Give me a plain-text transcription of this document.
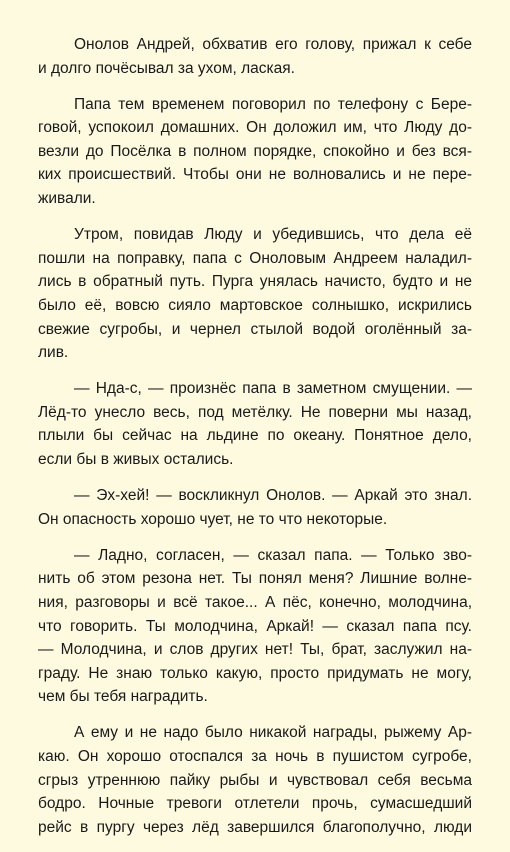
Онолов Андрей, обхватив его голову, прижал к себе
и долго почёсывал за ухом, лаская.
Папа тем временем поговорил по телефону с Бере-
говой, успокоил домашних. Он доложил им, что Люду до-
везли до Посёлка в полном порядке, спокойно и без вся-
ких происшествий. Чтобы они не волновались и не пере-
живали.
Утром, повидав Люду и убедившись, что дела её
пошли на поправку, папа с Оноловым Андреем наладил-
лись в обратный путь. Пурга унялась начисто, будто и не
было её, вовсю сияло мартовское солнышко, искрились
свежие сугробы, и чернел стылой водой оголённый за-
лив.
— Нда-с, — произнёс папа в заметном смущении. —
Лёд-то унесло весь, под метёлку. Не поверни мы назад,
плыли бы сейчас на льдине по океану. Понятное дело,
если бы в живых остались.
— Эх-хей! — воскликнул Онолов. — Аркай это знал.
Он опасность хорошо чует, не то что некоторые.
— Ладно, согласен, — сказал папа. — Только зво-
нить об этом резона нет. Ты понял меня? Лишние волне-
ния, разговоры и всё такое... А пёс, конечно, молодчина,
что говорить. Ты молодчина, Аркай! — сказал папа псу.
— Молодчина, и слов других нет! Ты, брат, заслужил на-
граду. Не знаю только какую, просто придумать не могу,
чем бы тебя наградить.
А ему и не надо было никакой награды, рыжему Ар-
каю. Он хорошо отоспался за ночь в пушистом сугробе,
сгрыз утреннюю пайку рыбы и чувствовал себя весьма
бодро. Ночные тревоги отлетели прочь, сумасшедший
рейс в пургу через лёд завершился благополучно, люди
